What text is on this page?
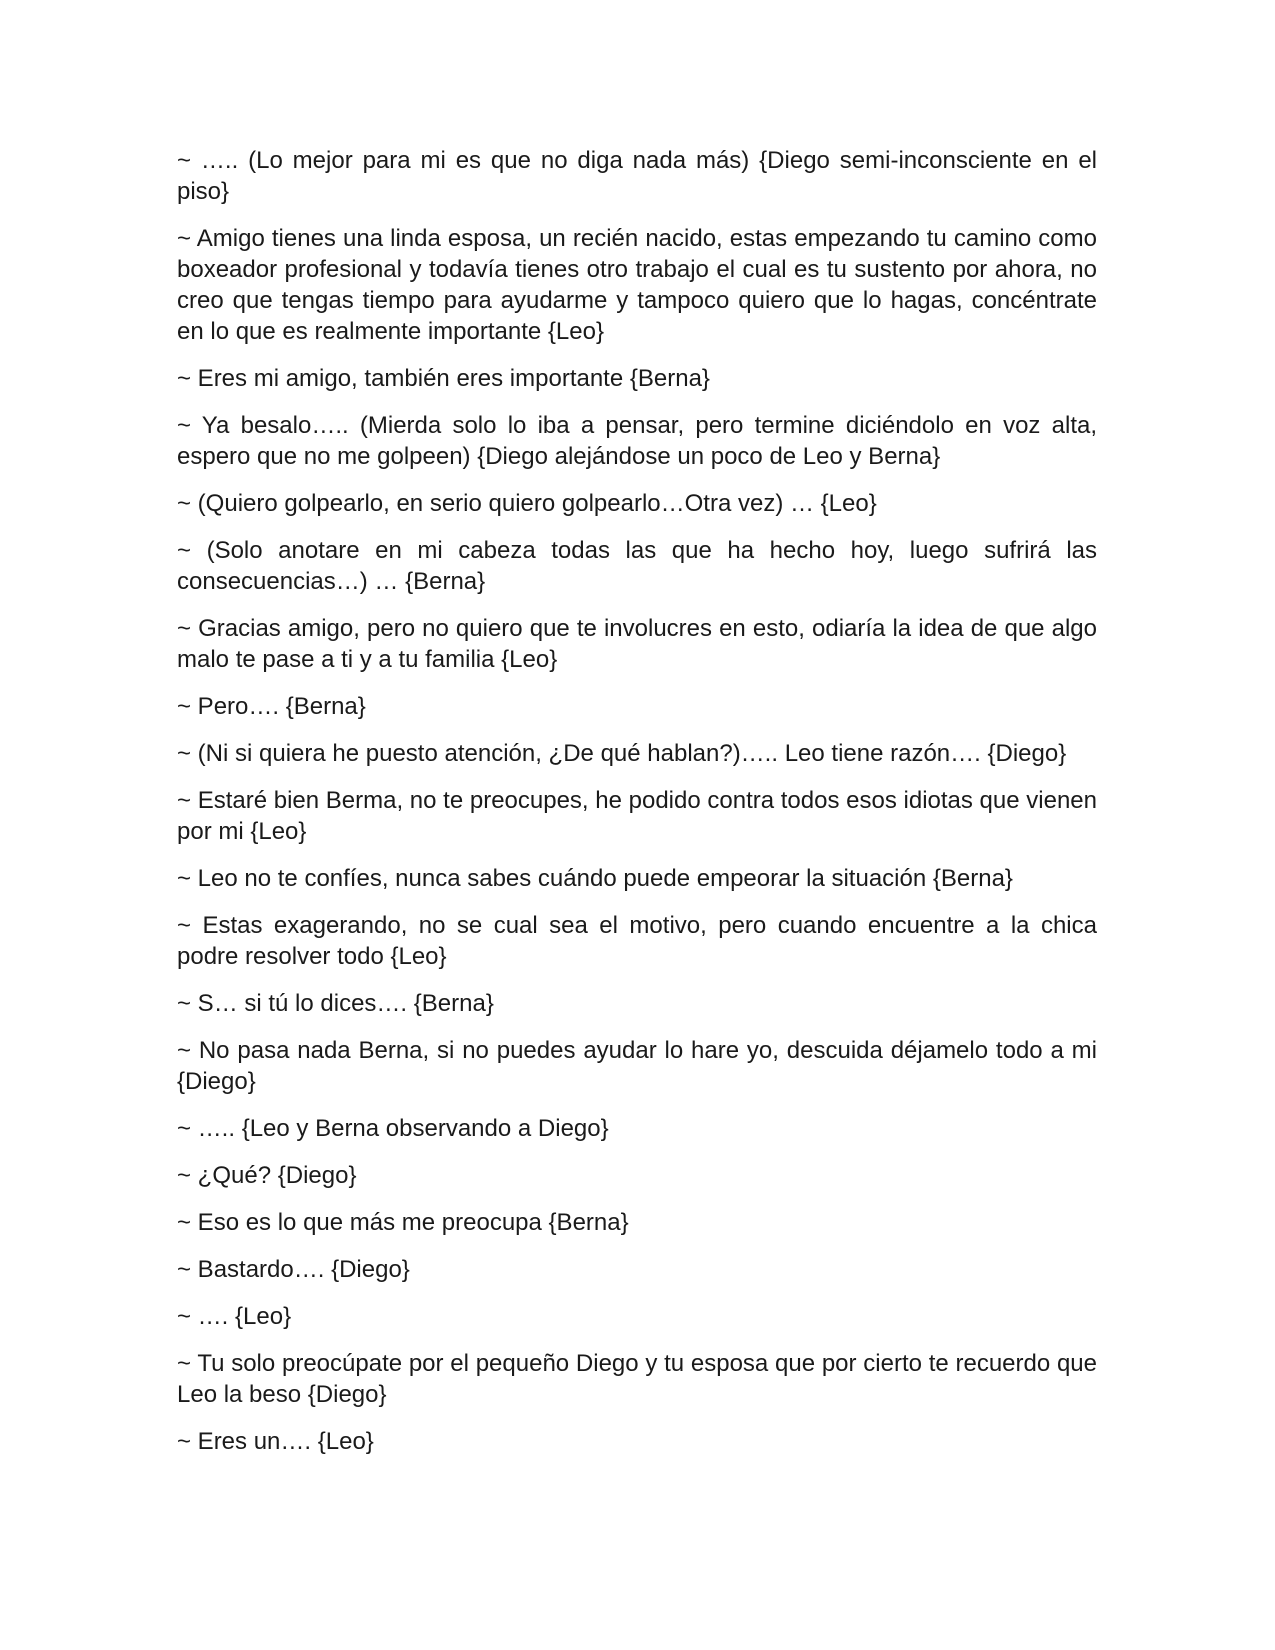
~ ….. (Lo mejor para mi es que no diga nada más) {Diego semi-inconsciente en el piso}

~ Amigo tienes una linda esposa, un recién nacido, estas empezando tu camino como boxeador profesional y todavía tienes otro trabajo el cual es tu sustento por ahora, no creo que tengas tiempo para ayudarme y tampoco quiero que lo hagas, concéntrate en lo que es realmente importante {Leo}

~ Eres mi amigo, también eres importante {Berna}

~ Ya besalo….. (Mierda solo lo iba a pensar, pero termine diciéndolo en voz alta, espero que no me golpeen) {Diego alejándose un poco de Leo y Berna}

~ (Quiero golpearlo, en serio quiero golpearlo…Otra vez) … {Leo}

~ (Solo anotare en mi cabeza todas las que ha hecho hoy, luego sufrirá las consecuencias…) … {Berna}

~ Gracias amigo, pero no quiero que te involucres en esto, odiaría la idea de que algo malo te pase a ti y a tu familia {Leo}

~ Pero…. {Berna}

~ (Ni si quiera he puesto atención, ¿De qué hablan?)….. Leo tiene razón…. {Diego}

~ Estaré bien Berma, no te preocupes, he podido contra todos esos idiotas que vienen por mi {Leo}

~ Leo no te confíes, nunca sabes cuándo puede empeorar la situación {Berna}

~ Estas exagerando, no se cual sea el motivo, pero cuando encuentre a la chica podre resolver todo {Leo}

~ S… si tú lo dices…. {Berna}

~ No pasa nada Berna, si no puedes ayudar lo hare yo, descuida déjamelo todo a mi {Diego}

~ ….. {Leo y Berna observando a Diego}

~ ¿Qué? {Diego}

~ Eso es lo que más me preocupa {Berna}

~ Bastardo…. {Diego}

~ …. {Leo}

~ Tu solo preocúpate por el pequeño Diego y tu esposa que por cierto te recuerdo que Leo la beso {Diego}

~ Eres un…. {Leo}
